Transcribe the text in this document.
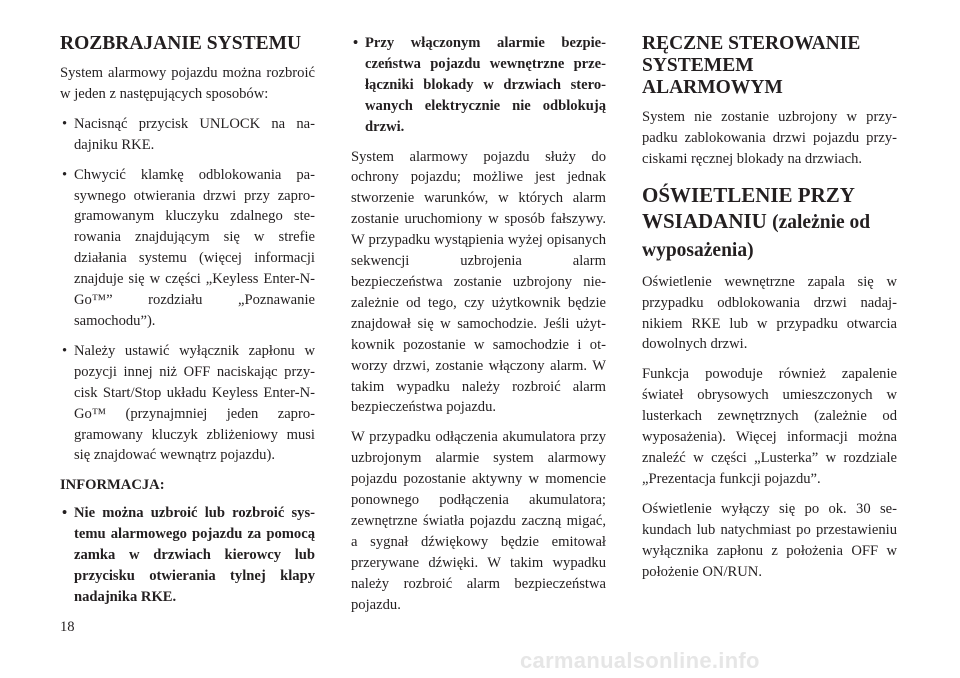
ROZBRAJANIE SYSTEMU

System alarmowy pojazdu można rozbroić w jeden z następujących sposobów:

• Nacisnąć przycisk UNLOCK na nadajniku RKE.
• Chwycić klamkę odblokowania pasywnego otwierania drzwi przy zaprogramowanym kluczyku zdalnego sterowania znajdującym się w strefie działania systemu (więcej informacji znajduje się w części „Keyless Enter-N-Go™” rozdziału „Poznawanie samochodu”).
• Należy ustawić wyłącznik zapłonu w pozycji innej niż OFF naciskając przycisk Start/Stop układu Keyless Enter-N-Go™ (przynajmniej jeden zaprogramowany kluczyk zbliżeniowy musi się znajdować wewnątrz pojazdu).
INFORMACJA:
• Nie można uzbroić lub rozbroić systemu alarmowego pojazdu za pomocą zamka w drzwiach kierowcy lub przycisku otwierania tylnej klapy nadajnika RKE.
• Przy włączonym alarmie bezpieczeństwa pojazdu wewnętrzne przełączniki blokady w drzwiach sterowanych elektrycznie nie odblokują drzwi.

System alarmowy pojazdu służy do ochrony pojazdu; możliwe jest jednak stworzenie warunków, w których alarm zostanie uruchomiony w sposób fałszywy. W przypadku wystąpienia wyżej opisanych sekwencji uzbrojenia alarm bezpieczeństwa zostanie uzbrojony niezależnie od tego, czy użytkownik będzie znajdował się w samochodzie. Jeśli użytkownik pozostanie w samochodzie i otworzy drzwi, zostanie włączony alarm. W takim wypadku należy rozbroić alarm bezpieczeństwa pojazdu.

W przypadku odłączenia akumulatora przy uzbrojonym alarmie system alarmowy pojazdu pozostanie aktywny w momencie ponownego podłączenia akumulatora; zewnętrzne światła pojazdu zaczną migać, a sygnał dźwiękowy będzie emitował przerywane dźwięki. W takim wypadku należy rozbroić alarm bezpieczeństwa pojazdu.

RĘCZNE STEROWANIE SYSTEMEM ALARMOWYM

System nie zostanie uzbrojony w przypadku zablokowania drzwi pojazdu przyciskami ręcznej blokady na drzwiach.

OŚWIETLENIE PRZY WSIADANIU (zależnie od wyposażenia)

Oświetlenie wewnętrzne zapala się w przypadku odblokowania drzwi nadajnikiem RKE lub w przypadku otwarcia dowolnych drzwi.

Funkcja powoduje również zapalenie świateł obrysowych umieszczonych w lusterkach zewnętrznych (zależnie od wyposażenia). Więcej informacji można znaleźć w części „Lusterka” w rozdziale „Prezentacja funkcji pojazdu”.

Oświetlenie wyłączy się po ok. 30 sekundach lub natychmiast po przestawieniu wyłącznika zapłonu z położenia OFF w położenie ON/RUN.

18
carmanualsonline.info
